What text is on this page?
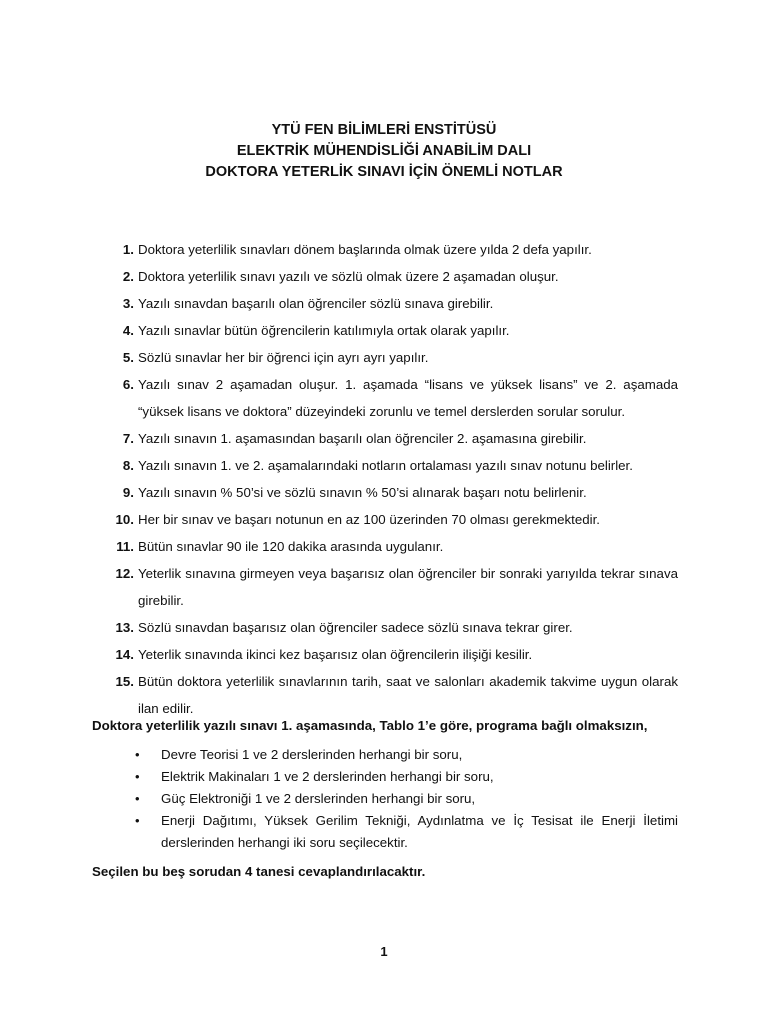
YTÜ FEN BİLİMLERİ ENSTİTÜSÜ
ELEKTRİK MÜHENDİSLİĞİ ANABİLİM DALI
DOKTORA YETERLİK SINAVI İÇİN ÖNEMLİ NOTLAR
1. Doktora yeterlilik sınavları dönem başlarında olmak üzere yılda 2 defa yapılır.
2. Doktora yeterlilik sınavı yazılı ve sözlü olmak üzere 2 aşamadan oluşur.
3. Yazılı sınavdan başarılı olan öğrenciler sözlü sınava girebilir.
4. Yazılı sınavlar bütün öğrencilerin katılımıyla ortak olarak yapılır.
5. Sözlü sınavlar her bir öğrenci için ayrı ayrı yapılır.
6. Yazılı sınav 2 aşamadan oluşur. 1. aşamada “lisans ve yüksek lisans” ve 2. aşamada “yüksek lisans ve doktora” düzeyindeki zorunlu ve temel derslerden sorular sorulur.
7. Yazılı sınavın 1. aşamasından başarılı olan öğrenciler 2. aşamasına girebilir.
8. Yazılı sınavın 1. ve 2. aşamalarındaki notların ortalaması yazılı sınav notunu belirler.
9. Yazılı sınavın % 50’si ve sözlü sınavın % 50’si alınarak başarı notu belirlenir.
10. Her bir sınav ve başarı notunun en az 100 üzerinden 70 olması gerekmektedir.
11. Bütün sınavlar 90 ile 120 dakika arasında uygulanır.
12. Yeterlik sınavına girmeyen veya başarısız olan öğrenciler bir sonraki yarıyılda tekrar sınava girebilir.
13. Sözlü sınavdan başarısız olan öğrenciler sadece sözlü sınava tekrar girer.
14. Yeterlik sınavında ikinci kez başarısız olan öğrencilerin ilişiği kesilir.
15. Bütün doktora yeterlilik sınavlarının tarih, saat ve salonları akademik takvime uygun olarak ilan edilir.
Doktora yeterlilik yazılı sınavı 1. aşamasında, Tablo 1’e göre, programa bağlı olmaksızın,
• Devre Teorisi 1 ve 2 derslerinden herhangi bir soru,
• Elektrik Makinaları 1 ve 2 derslerinden herhangi bir soru,
• Güç Elektroniği 1 ve 2 derslerinden herhangi bir soru,
• Enerji Dağıtımı, Yüksek Gerilim Tekniği, Aydınlatma ve İç Tesisat ile Enerji İletimi derslerinden herhangi iki soru seçilecektir.
Seçilen bu beş sorudan 4 tanesi cevaplandırılacaktır.
1
